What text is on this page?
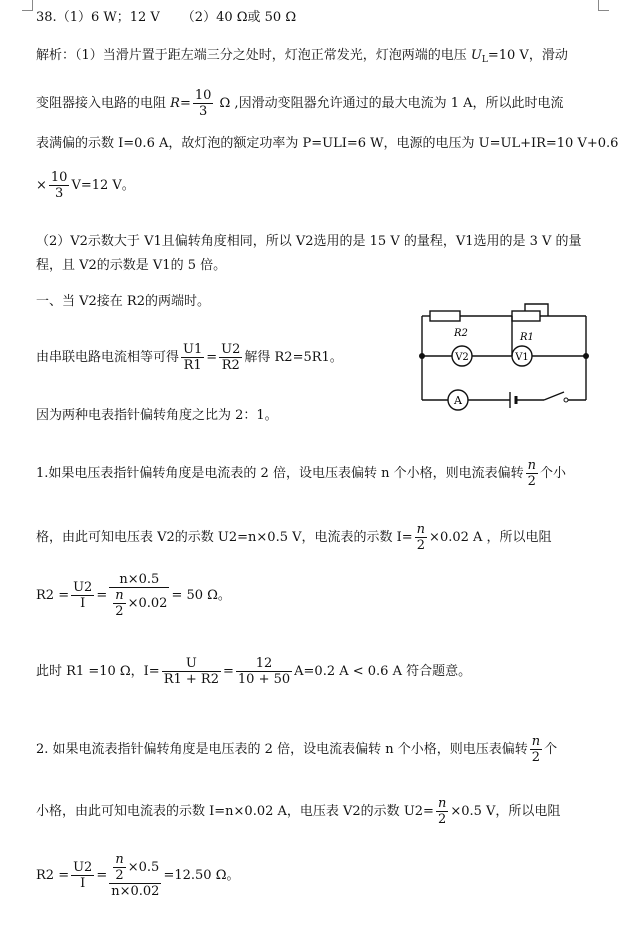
38.（1）6 W；12 V （2）40 Ω或 50 Ω
解析：（1）当滑片置于距左端三分之处时，灯泡正常发光，灯泡两端的电压 $U_L=10$ V，滑动
变阻器接入电路的电阻 $R= \frac{10}{3}$ Ω ,因滑动变阻器允许通过的最大电流为 1 A，所以此时电流
表满偏的示数 I=0.6 A，故灯泡的额定功率为 P=ULI=6 W，电源的电压为 U=UL+IR=10 V+0.6
× $\frac{10}{3} V=12$ V。
（2）V2示数大于 V1且偏转角度相同，所以 V2选用的是 15 V 的量程，V1选用的是 3 V 的量
程，且 V2的示数是 V1的 5 倍。
一、当 V2接在 R2的两端时。
由串联电路电流相等可得 $\frac{U1}{R1} = \frac{U2}{R2}$ 解得 R2=5R1。
因为两种电表指针偏转角度之比为 2：1。
R2	R1
V2	V1
A
1.如果电压表指针偏转角度是电流表的 2 倍，设电压表偏转 n 个小格，则电流表偏转 $\frac{n}{2}$ 个小
格，由此可知电压表 V2的示数 U2=n×0.5 V，电流表的示数 $I= \frac{n}{2} \times 0.02$ A ，所以电阻
$R2 = \frac{U2}{I} = \frac{n\times 0.5}{\frac{n}{2} \times 0.02} = 50$ Ω。
此时 R1 =10 Ω，$I= \frac{U}{R1 + R2} = \frac{12}{10 + 50} A=0.2$ A < 0.6 A 符合题意。
2. 如果电流表指针偏转角度是电压表的 2 倍，设电流表偏转 n 个小格，则电压表偏转 $\frac{n}{2}$ 个
小格，由此可知电流表的示数 I=n×0.02 A，电压表 V2的示数 $U2= \frac{n}{2} \times 0.5$ V，所以电阻
$R2 = \frac{U2}{I} = \frac{\frac{n}{2} \times 0.5}{n\times 0.02} =12.50$ Ω。
